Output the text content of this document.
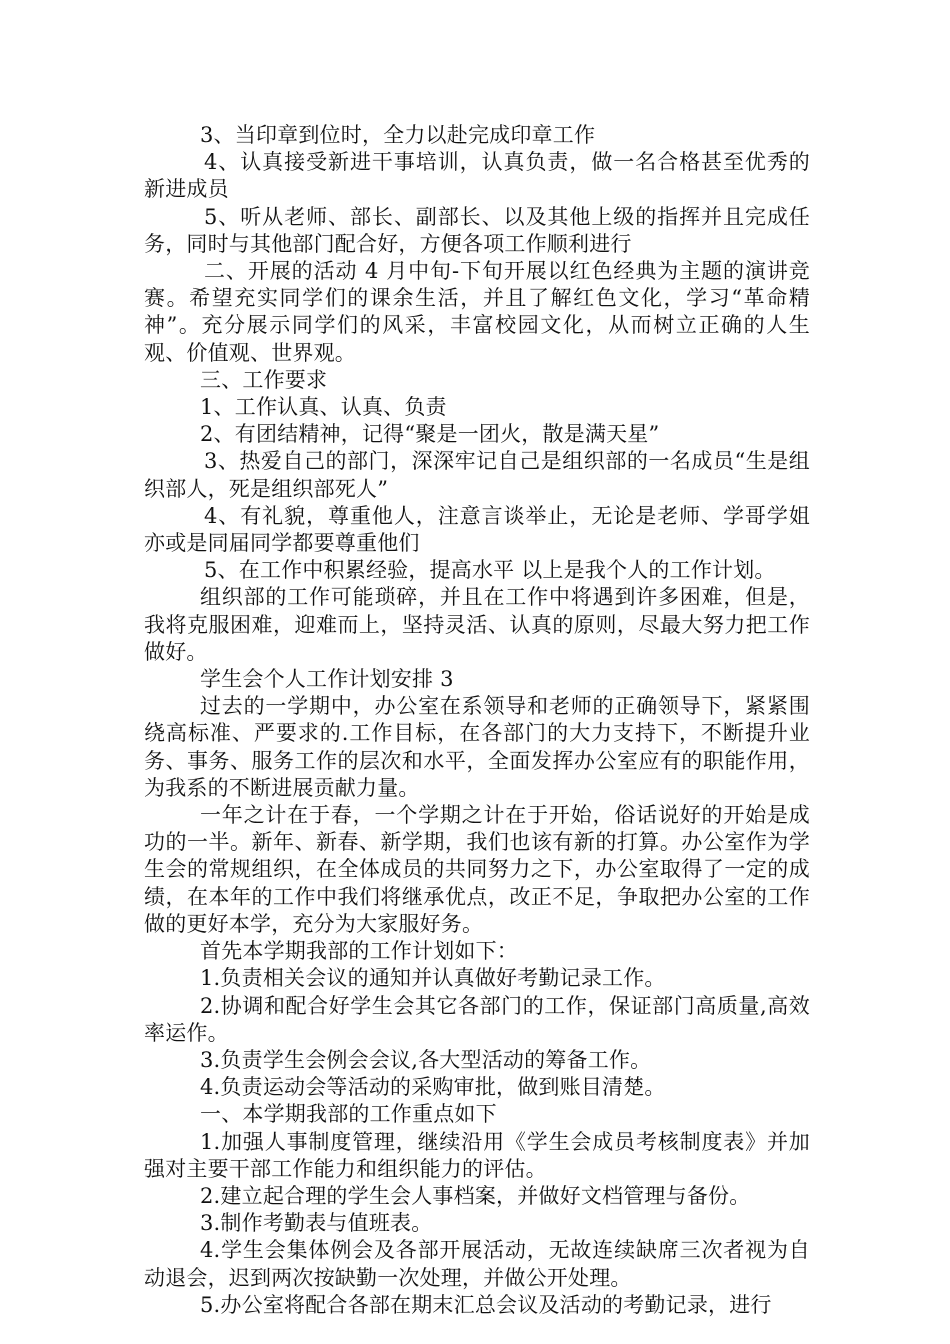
3、当印章到位时，全力以赴完成印章工作

4、认真接受新进干事培训，认真负责，做一名合格甚至优秀的新进成员

5、听从老师、部长、副部长、以及其他上级的指挥并且完成任务，同时与其他部门配合好，方便各项工作顺利进行

二、开展的活动 4 月中旬-下旬开展以红色经典为主题的演讲竞赛。希望充实同学们的课余生活，并且了解红色文化，学习“革命精神”。充分展示同学们的风采，丰富校园文化，从而树立正确的人生观、价值观、世界观。

三、工作要求

1、工作认真、认真、负责

2、有团结精神，记得“聚是一团火，散是满天星”

3、热爱自己的部门，深深牢记自己是组织部的一名成员“生是组织部人，死是组织部死人”

4、有礼貌，尊重他人，注意言谈举止，无论是老师、学哥学姐亦或是同届同学都要尊重他们

5、在工作中积累经验，提高水平 以上是我个人的工作计划。

组织部的工作可能琐碎，并且在工作中将遇到许多困难，但是，我将克服困难，迎难而上，坚持灵活、认真的原则，尽最大努力把工作做好。

学生会个人工作计划安排 3

过去的一学期中，办公室在系领导和老师的正确领导下，紧紧围绕高标准、严要求的.工作目标，在各部门的大力支持下，不断提升业务、事务、服务工作的层次和水平，全面发挥办公室应有的职能作用，为我系的不断进展贡献力量。

一年之计在于春，一个学期之计在于开始，俗话说好的开始是成功的一半。新年、新春、新学期，我们也该有新的打算。办公室作为学生会的常规组织，在全体成员的共同努力之下，办公室取得了一定的成绩，在本年的工作中我们将继承优点，改正不足，争取把办公室的工作做的更好本学，充分为大家服好务。

首先本学期我部的工作计划如下：

1.负责相关会议的通知并认真做好考勤记录工作。

2.协调和配合好学生会其它各部门的工作，保证部门高质量,高效率运作。

3.负责学生会例会会议,各大型活动的筹备工作。

4.负责运动会等活动的采购审批，做到账目清楚。

一、本学期我部的工作重点如下

1.加强人事制度管理，继续沿用《学生会成员考核制度表》并加强对主要干部工作能力和组织能力的评估。

2.建立起合理的学生会人事档案，并做好文档管理与备份。

3.制作考勤表与值班表。

4.学生会集体例会及各部开展活动，无故连续缺席三次者视为自动退会，迟到两次按缺勤一次处理，并做公开处理。

5.办公室将配合各部在期末汇总会议及活动的考勤记录，进行
